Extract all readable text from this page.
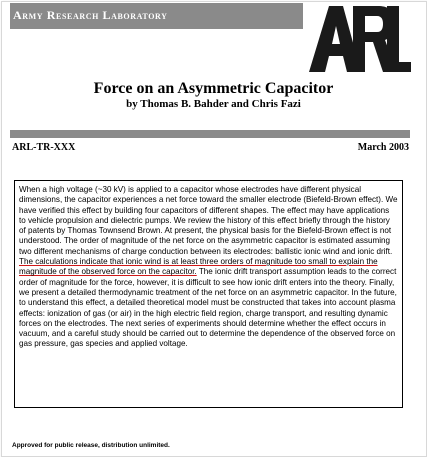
Army Research Laboratory
Force on an Asymmetric Capacitor
by Thomas B. Bahder and Chris Fazi
ARL-TR-XXX	March 2003
When a high voltage (~30 kV) is applied to a capacitor whose electrodes have different physical dimensions, the capacitor experiences a net force toward the smaller electrode (Biefeld-Brown effect). We have verified this effect by building four capacitors of different shapes. The effect may have applications to vehicle propulsion and dielectric pumps. We review the history of this effect briefly through the history of patents by Thomas Townsend Brown. At present, the physical basis for the Biefeld-Brown effect is not understood. The order of magnitude of the net force on the asymmetric capacitor is estimated assuming two different mechanisms of charge conduction between its electrodes: ballistic ionic wind and ionic drift. The calculations indicate that ionic wind is at least three orders of magnitude too small to explain the magnitude of the observed force on the capacitor. The ionic drift transport assumption leads to the correct order of magnitude for the force, however, it is difficult to see how ionic drift enters into the theory. Finally, we present a detailed thermodynamic treatment of the net force on an asymmetric capacitor. In the future, to understand this effect, a detailed theoretical model must be constructed that takes into account plasma effects: ionization of gas (or air) in the high electric field region, charge transport, and resulting dynamic forces on the electrodes. The next series of experiments should determine whether the effect occurs in vacuum, and a careful study should be carried out to determine the dependence of the observed force on gas pressure, gas species and applied voltage.
Approved for public release, distribution unlimited.
